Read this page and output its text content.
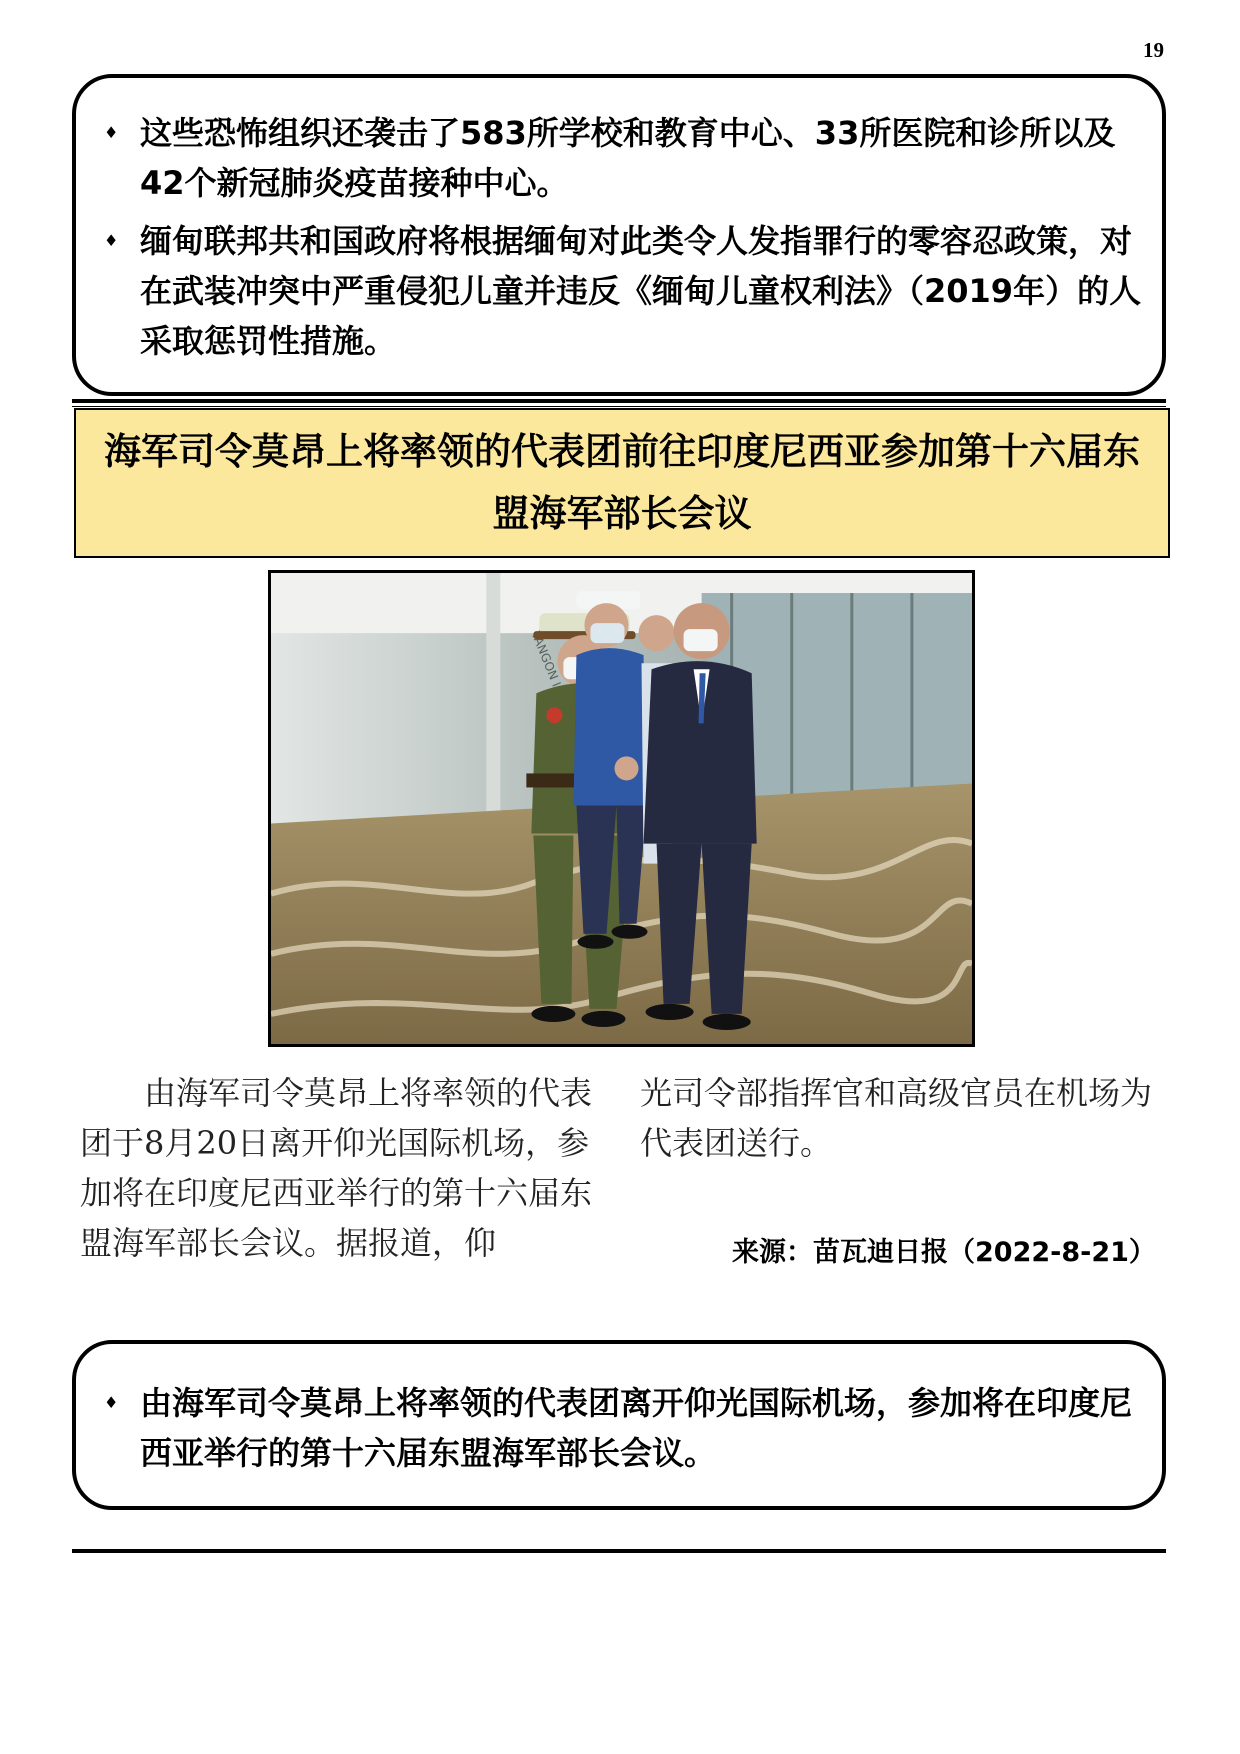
19
♦ 这些恐怖组织还袭击了583所学校和教育中心、33所医院和诊所以及42个新冠肺炎疫苗接种中心。
♦ 缅甸联邦共和国政府将根据缅甸对此类令人发指罪行的零容忍政策，对在武装冲突中严重侵犯儿童并违反《缅甸儿童权利法》（2019年）的人采取惩罚性措施。
海军司令莫昂上将率领的代表团前往印度尼西亚参加第十六届东盟海军部长会议
YANGON
　　由海军司令莫昂上将率领的代表团于8月20日离开仰光国际机场，参加将在印度尼西亚举行的第十六届东盟海军部长会议。据报道，仰
光司令部指挥官和高级官员在机场为代表团送行。
来源：苗瓦迪日报（2022-8-21）
♦ 由海军司令莫昂上将率领的代表团离开仰光国际机场，参加将在印度尼西亚举行的第十六届东盟海军部长会议。
